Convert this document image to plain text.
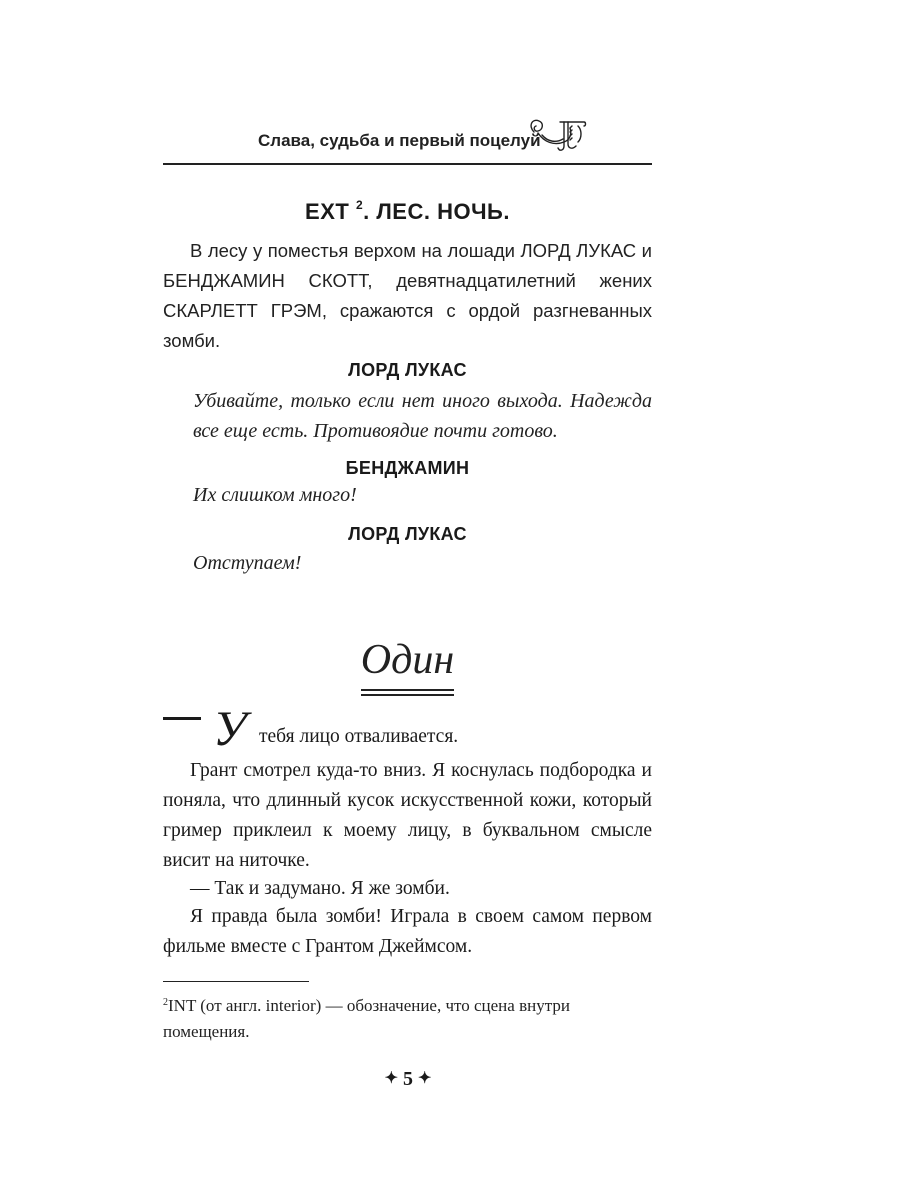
Слава, судьба и первый поцелуй
EXT $^2$. ЛЕС. НОЧЬ.
В лесу у поместья верхом на лошади ЛОРД ЛУКАС и БЕНДЖАМИН СКОТТ, девятнадцатилетний жених СКАРЛЕТТ ГРЭМ, сражаются с ордой разгневанных зомби.
ЛОРД ЛУКАС
Убивайте, только если нет иного выхода. Надежда все еще есть. Противоядие почти готово.
БЕНДЖАМИН
Их слишком много!
ЛОРД ЛУКАС
Отступаем!
Один
У тебя лицо отваливается.
Грант смотрел куда-то вниз. Я коснулась подбородка и поняла, что длинный кусок искусственной кожи, который гример приклеил к моему лицу, в буквальном смысле висит на ниточке.
— Так и задумано. Я же зомби.
Я правда была зомби! Играла в своем самом первом фильме вместе с Грантом Джеймсом.
$^2$INT (от англ. interior) — обозначение, что сцена внутри помещения.
✦ 5 ✦
